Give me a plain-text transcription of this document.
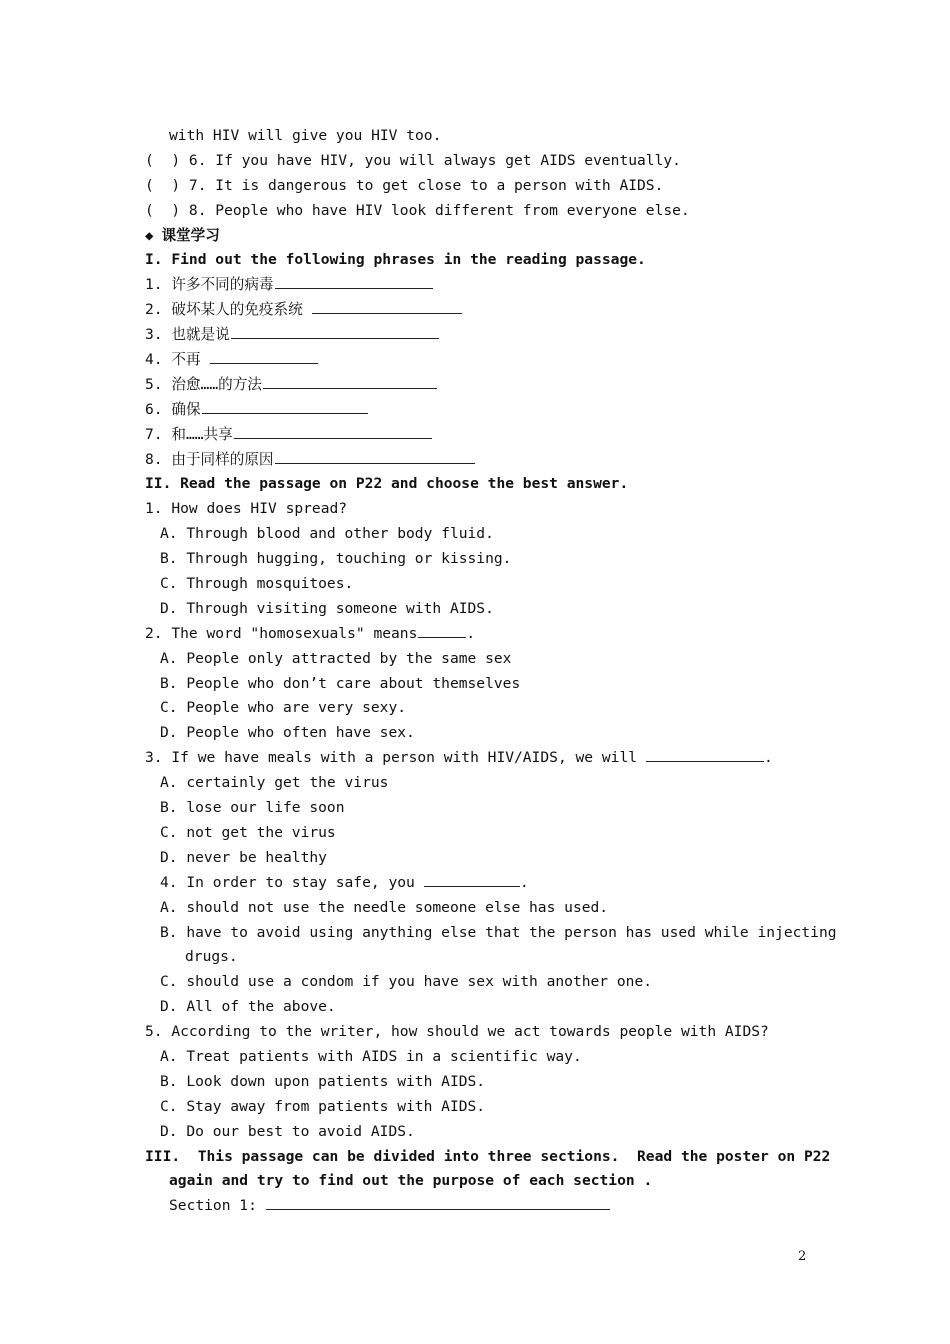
with HIV will give you HIV too.
(  ) 6. If you have HIV, you will always get AIDS eventually.
(  ) 7. It is dangerous to get close to a person with AIDS.
(  ) 8. People who have HIV look different from everyone else.
◆ 课堂学习
I. Find out the following phrases in the reading passage.
1. 许多不同的病毒
2. 破坏某人的免疫系统
3. 也就是说
4. 不再
5. 治愈……的方法
6. 确保
7. 和……共享
8. 由于同样的原因
II. Read the passage on P22 and choose the best answer.
1. How does HIV spread?
A. Through blood and other body fluid.
B. Through hugging, touching or kissing.
C. Through mosquitoes.
D. Through visiting someone with AIDS.
2. The word "homosexuals" means	.
A. People only attracted by the same sex
B. People who don’t care about themselves
C. People who are very sexy.
D. People who often have sex.
3. If we have meals with a person with HIV/AIDS, we will	.
A. certainly get the virus
B. lose our life soon
C. not get the virus
D. never be healthy
4. In order to stay safe, you	.
A. should not use the needle someone else has used.
B. have to avoid using anything else that the person has used while injecting
drugs.
C. should use a condom if you have sex with another one.
D. All of the above.
5. According to the writer, how should we act towards people with AIDS?
A. Treat patients with AIDS in a scientific way.
B. Look down upon patients with AIDS.
C. Stay away from patients with AIDS.
D. Do our best to avoid AIDS.
III.  This passage can be divided into three sections.  Read the poster on P22
again and try to find out the purpose of each section .
Section 1:
2
